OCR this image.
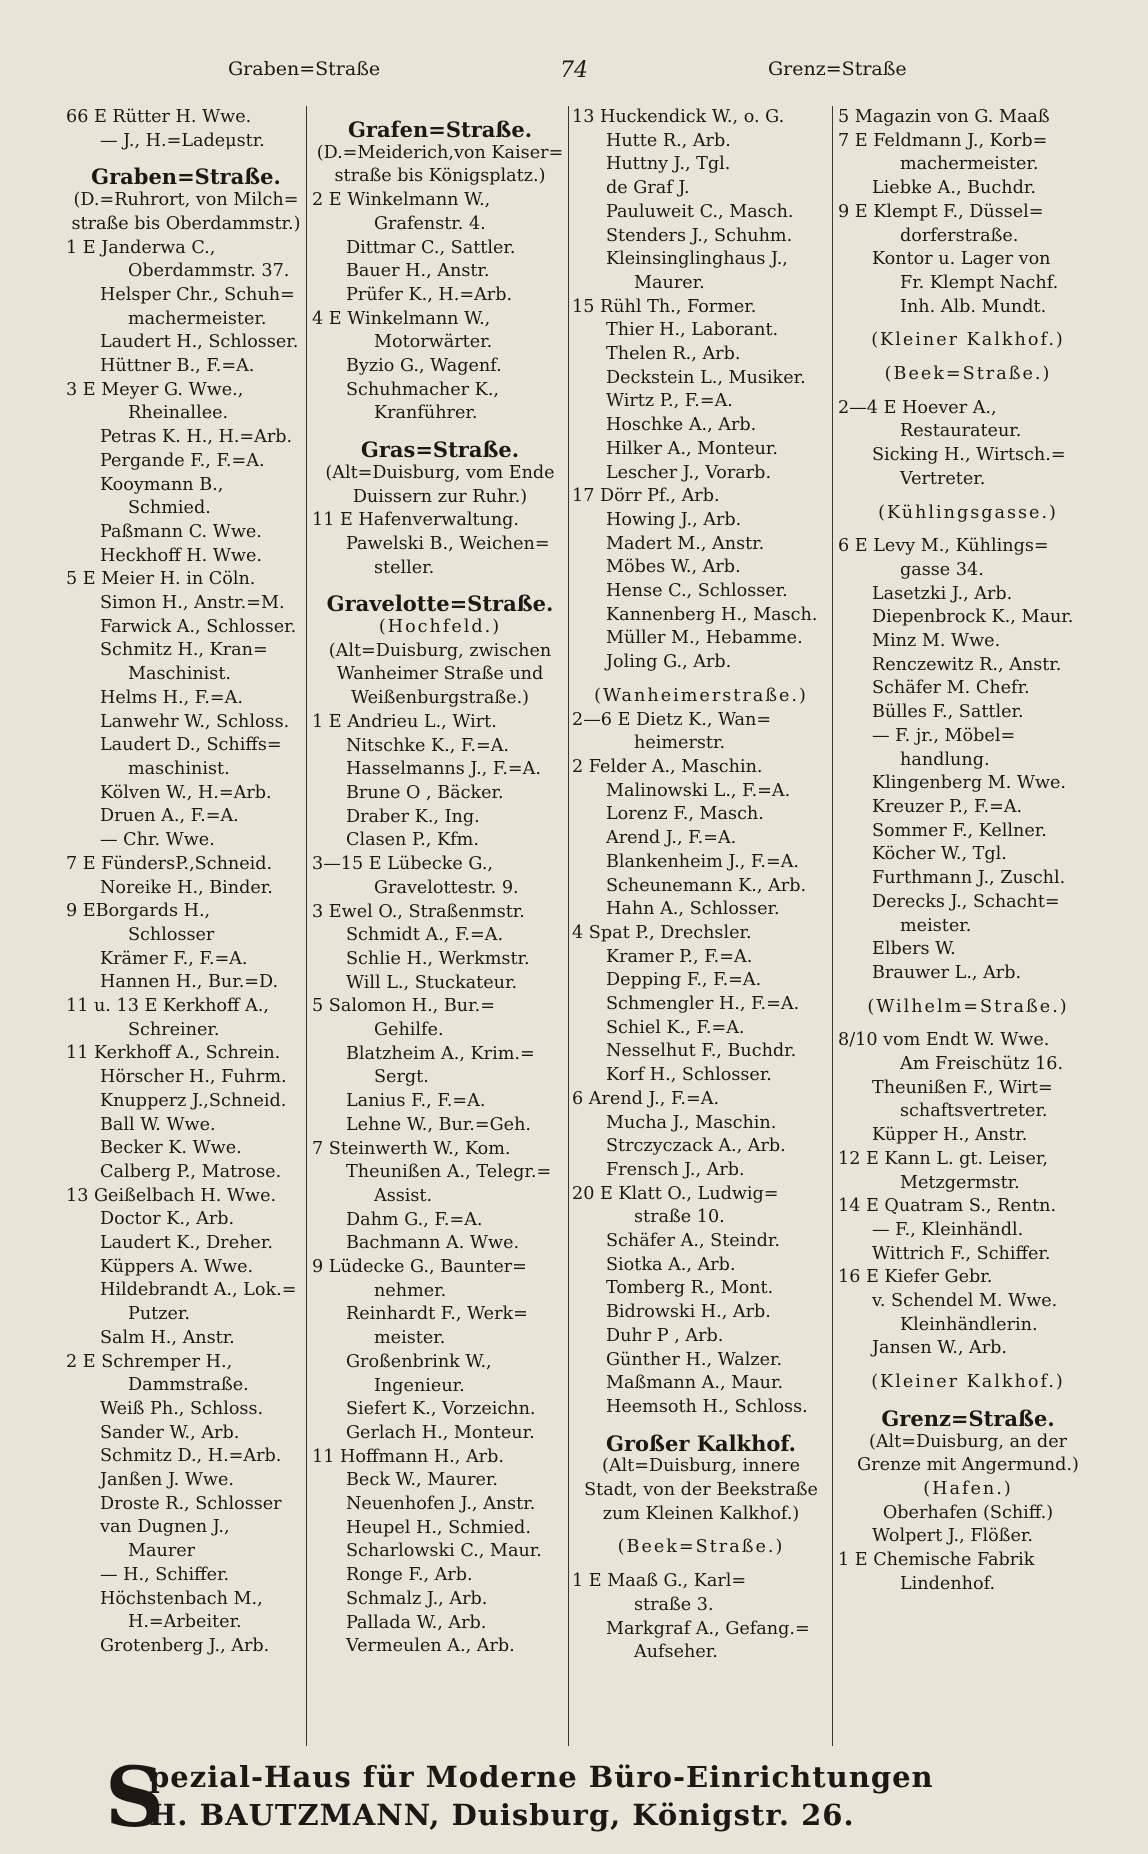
Graben=Straße	74	Grenz=Straße
66 E Rütter H. Wwe.
— J., H.=Ladeμstr.
Graben=Straße.
(D.=Ruhrort, von Milch=
straße bis Oberdammstr.)
1 E Janderwa C.,
Oberdammstr. 37.
Helsper Chr., Schuh=
machermeister.
Laudert H., Schlosser.
Hüttner B., F.=A.
3 E Meyer G. Wwe.,
Rheinallee.
Petras K. H., H.=Arb.
Pergande F., F.=A.
Kooymann B.,
Schmied.
Paßmann C. Wwe.
Heckhoff H. Wwe.
5 E Meier H. in Cöln.
Simon H., Anstr.=M.
Farwick A., Schlosser.
Schmitz H., Kran=
Maschinist.
Helms H., F.=A.
Lanwehr W., Schloss.
Laudert D., Schiffs=
maschinist.
Kölven W., H.=Arb.
Druen A., F.=A.
— Chr. Wwe.
7 E FündersP.,Schneid.
Noreike H., Binder.
9 EBorgards H.,
Schlosser
Krämer F., F.=A.
Hannen H., Bur.=D.
11 u. 13 E Kerkhoff A.,
Schreiner.
11 Kerkhoff A., Schrein.
Hörscher H., Fuhrm.
Knupperz J.,Schneid.
Ball W. Wwe.
Becker K. Wwe.
Calberg P., Matrose.
13 Geißelbach H. Wwe.
Doctor K., Arb.
Laudert K., Dreher.
Küppers A. Wwe.
Hildebrandt A., Lok.=
Putzer.
Salm H., Anstr.
2 E Schremper H.,
Dammstraße.
Weiß Ph., Schloss.
Sander W., Arb.
Schmitz D., H.=Arb.
Janßen J. Wwe.
Droste R., Schlosser
van Dugnen J.,
Maurer
— H., Schiffer.
Höchstenbach M.,
H.=Arbeiter.
Grotenberg J., Arb.
Grafen=Straße.
(D.=Meiderich,von Kaiser=
straße bis Königsplatz.)
2 E Winkelmann W.,
Grafenstr. 4.
Dittmar C., Sattler.
Bauer H., Anstr.
Prüfer K., H.=Arb.
4 E Winkelmann W.,
Motorwärter.
Byzio G., Wagenf.
Schuhmacher K.,
Kranführer.
Gras=Straße.
(Alt=Duisburg, vom Ende
Duissern zur Ruhr.)
11 E Hafenverwaltung.
Pawelski B., Weichen=
steller.
Gravelotte=Straße.
(Hochfeld.)
(Alt=Duisburg, zwischen
Wanheimer Straße und
Weißenburgstraße.)
1 E Andrieu L., Wirt.
Nitschke K., F.=A.
Hasselmanns J., F.=A.
Brune O , Bäcker.
Draber K., Ing.
Clasen P., Kfm.
3—15 E Lübecke G.,
Gravelottestr. 9.
3 Ewel O., Straßenmstr.
Schmidt A., F.=A.
Schlie H., Werkmstr.
Will L., Stuckateur.
5 Salomon H., Bur.=
Gehilfe.
Blatzheim A., Krim.=
Sergt.
Lanius F., F.=A.
Lehne W., Bur.=Geh.
7 Steinwerth W., Kom.
Theunißen A., Telegr.=
Assist.
Dahm G., F.=A.
Bachmann A. Wwe.
9 Lüdecke G., Baunter=
nehmer.
Reinhardt F., Werk=
meister.
Großenbrink W.,
Ingenieur.
Siefert K., Vorzeichn.
Gerlach H., Monteur.
11 Hoffmann H., Arb.
Beck W., Maurer.
Neuenhofen J., Anstr.
Heupel H., Schmied.
Scharlowski C., Maur.
Ronge F., Arb.
Schmalz J., Arb.
Pallada W., Arb.
Vermeulen A., Arb.
13 Huckendick W., o. G.
Hutte R., Arb.
Huttny J., Tgl.
de Graf J.
Pauluweit C., Masch.
Stenders J., Schuhm.
Kleinsinglinghaus J.,
Maurer.
15 Rühl Th., Former.
Thier H., Laborant.
Thelen R., Arb.
Deckstein L., Musiker.
Wirtz P., F.=A.
Hoschke A., Arb.
Hilker A., Monteur.
Lescher J., Vorarb.
17 Dörr Pf., Arb.
Howing J., Arb.
Madert M., Anstr.
Möbes W., Arb.
Hense C., Schlosser.
Kannenberg H., Masch.
Müller M., Hebamme.
Joling G., Arb.
(Wanheimerstraße.)
2—6 E Dietz K., Wan=
heimerstr.
2 Felder A., Maschin.
Malinowski L., F.=A.
Lorenz F., Masch.
Arend J., F.=A.
Blankenheim J., F.=A.
Scheunemann K., Arb.
Hahn A., Schlosser.
4 Spat P., Drechsler.
Kramer P., F.=A.
Depping F., F.=A.
Schmengler H., F.=A.
Schiel K., F.=A.
Nesselhut F., Buchdr.
Korf H., Schlosser.
6 Arend J., F.=A.
Mucha J., Maschin.
Strczyczack A., Arb.
Frensch J., Arb.
20 E Klatt O., Ludwig=
straße 10.
Schäfer A., Steindr.
Siotka A., Arb.
Tomberg R., Mont.
Bidrowski H., Arb.
Duhr P , Arb.
Günther H., Walzer.
Maßmann A., Maur.
Heemsoth H., Schloss.
Großer Kalkhof.
(Alt=Duisburg, innere
Stadt, von der Beekstraße
zum Kleinen Kalkhof.)
(Beek=Straße.)
1 E Maaß G., Karl=
straße 3.
Markgraf A., Gefang.=
Aufseher.
5 Magazin von G. Maaß
7 E Feldmann J., Korb=
machermeister.
Liebke A., Buchdr.
9 E Klempt F., Düssel=
dorferstraße.
Kontor u. Lager von
Fr. Klempt Nachf.
Inh. Alb. Mundt.
(Kleiner Kalkhof.)
(Beek=Straße.)
2—4 E Hoever A.,
Restaurateur.
Sicking H., Wirtsch.=
Vertreter.
(Kühlingsgasse.)
6 E Levy M., Kühlings=
gasse 34.
Lasetzki J., Arb.
Diepenbrock K., Maur.
Minz M. Wwe.
Renczewitz R., Anstr.
Schäfer M. Chefr.
Bülles F., Sattler.
— F. jr., Möbel=
handlung.
Klingenberg M. Wwe.
Kreuzer P., F.=A.
Sommer F., Kellner.
Köcher W., Tgl.
Furthmann J., Zuschl.
Derecks J., Schacht=
meister.
Elbers W.
Brauwer L., Arb.
(Wilhelm=Straße.)
8/10 vom Endt W. Wwe.
Am Freischütz 16.
Theunißen F., Wirt=
schaftsvertreter.
Küpper H., Anstr.
12 E Kann L. gt. Leiser,
Metzgermstr.
14 E Quatram S., Rentn.
— F., Kleinhändl.
Wittrich F., Schiffer.
16 E Kiefer Gebr.
v. Schendel M. Wwe.
Kleinhändlerin.
Jansen W., Arb.
(Kleiner Kalkhof.)
Grenz=Straße.
(Alt=Duisburg, an der
Grenze mit Angermund.)
(Hafen.)
Oberhafen (Schiff.)
Wolpert J., Flößer.
1 E Chemische Fabrik
Lindenhof.
S
pezial-Haus für Moderne Büro-Einrichtungen
H. BAUTZMANN, Duisburg, Königstr. 26.
